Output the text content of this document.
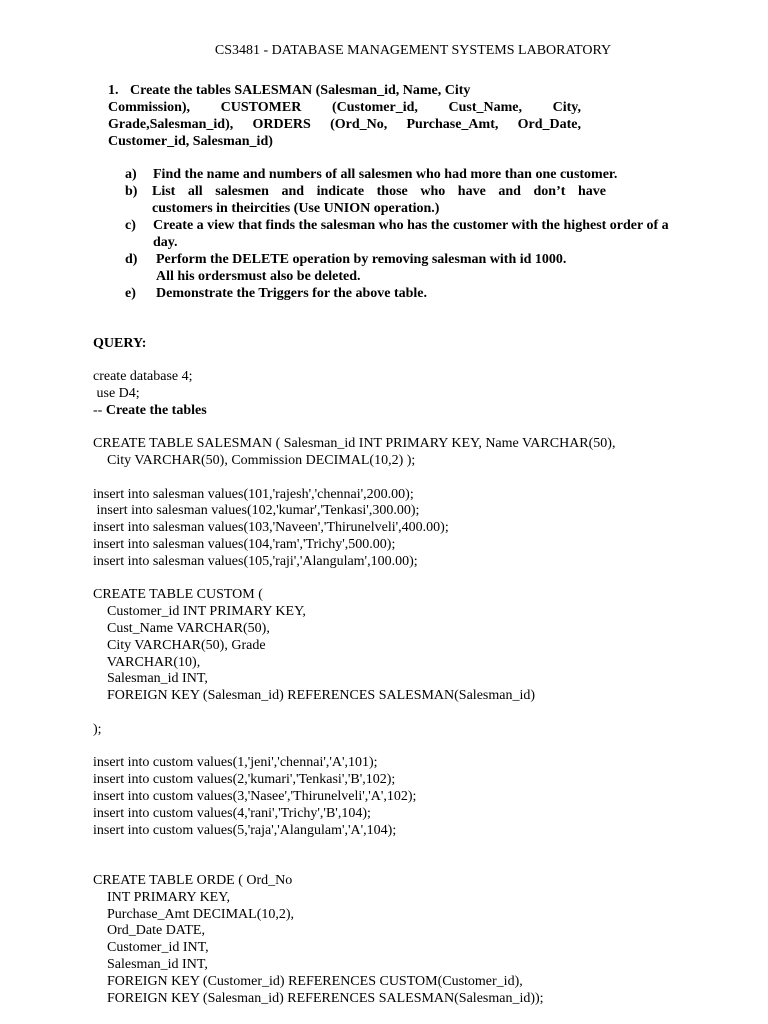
CS3481 - DATABASE MANAGEMENT SYSTEMS LABORATORY
1. Create the tables SALESMAN (Salesman_id, Name, City
Commission), CUSTOMER (Customer_id, Cust_Name, City,
Grade,Salesman_id), ORDERS (Ord_No, Purchase_Amt, Ord_Date,
Customer_id, Salesman_id)
a) Find the name and numbers of all salesmen who had more than one customer.
b) List all salesmen and indicate those who have and don’t have
customers in theircities (Use UNION operation.)
c) Create a view that finds the salesman who has the customer with the highest order of a
day.
d) Perform the DELETE operation by removing salesman with id 1000.
All his ordersmust also be deleted.
e) Demonstrate the Triggers for the above table.
QUERY:
create database 4;
use D4;
-- Create the tables
CREATE TABLE SALESMAN ( Salesman_id INT PRIMARY KEY, Name VARCHAR(50),
City VARCHAR(50), Commission DECIMAL(10,2) );
insert into salesman values(101,'rajesh','chennai',200.00);
insert into salesman values(102,'kumar','Tenkasi',300.00);
insert into salesman values(103,'Naveen','Thirunelveli',400.00);
insert into salesman values(104,'ram','Trichy',500.00);
insert into salesman values(105,'raji','Alangulam',100.00);
CREATE TABLE CUSTOM (
Customer_id INT PRIMARY KEY,
Cust_Name VARCHAR(50),
City VARCHAR(50), Grade
VARCHAR(10),
Salesman_id INT,
FOREIGN KEY (Salesman_id) REFERENCES SALESMAN(Salesman_id)
);
insert into custom values(1,'jeni','chennai','A',101);
insert into custom values(2,'kumari','Tenkasi','B',102);
insert into custom values(3,'Nasee','Thirunelveli','A',102);
insert into custom values(4,'rani','Trichy','B',104);
insert into custom values(5,'raja','Alangulam','A',104);
CREATE TABLE ORDE ( Ord_No
INT PRIMARY KEY,
Purchase_Amt DECIMAL(10,2),
Ord_Date DATE,
Customer_id INT,
Salesman_id INT,
FOREIGN KEY (Customer_id) REFERENCES CUSTOM(Customer_id),
FOREIGN KEY (Salesman_id) REFERENCES SALESMAN(Salesman_id));
